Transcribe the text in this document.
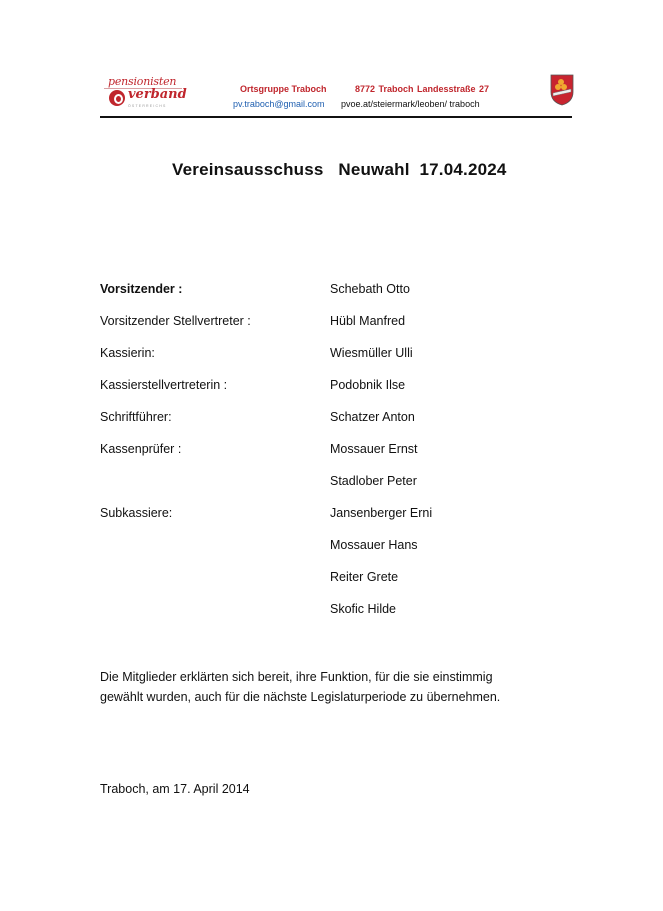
pensionisten
verband
ÖSTERREICHS
Ortsgruppe Traboch	8772 Traboch Landesstraße 27
pv.traboch@gmail.com pvoe.at/steiermark/leoben/ traboch
Vereinsausschuss   Neuwahl  17.04.2024
Vorsitzender :	Schebath Otto
Vorsitzender Stellvertreter :	Hübl Manfred
Kassierin:	Wiesmüller Ulli
Kassierstellvertreterin :	Podobnik Ilse
Schriftführer:	Schatzer Anton
Kassenprüfer :	Mossauer Ernst
Stadlober Peter
Subkassiere:	Jansenberger Erni
Mossauer Hans
Reiter Grete
Skofic Hilde
Die Mitglieder erklärten sich bereit, ihre Funktion, für die sie einstimmig
gewählt wurden, auch für die nächste Legislaturperiode zu übernehmen.
Traboch, am 17. April 2014
